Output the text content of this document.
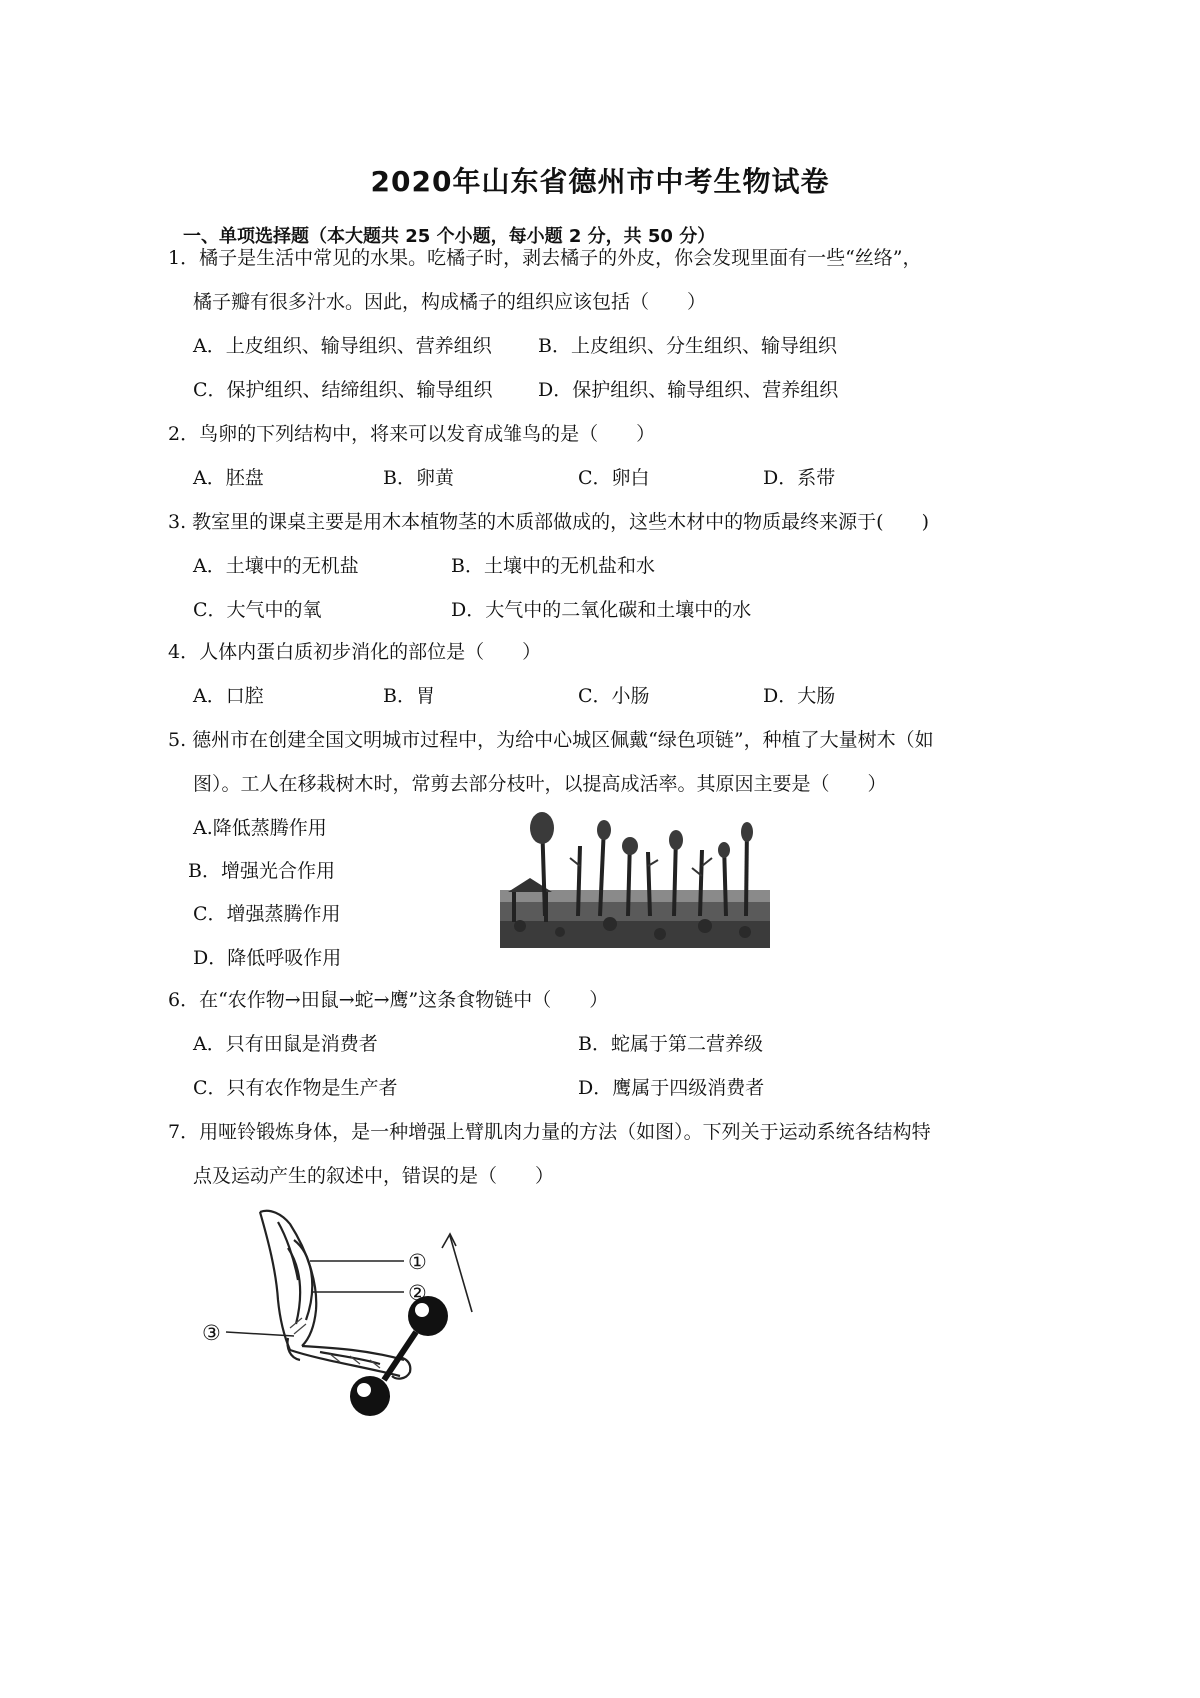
2020年山东省德州市中考生物试卷
一、单项选择题（本大题共 25 个小题，每小题 2 分，共 50 分）
1．橘子是生活中常见的水果。吃橘子时，剥去橘子的外皮，你会发现里面有一些“丝络”，
橘子瓣有很多汁水。因此，构成橘子的组织应该包括（　　）
A．上皮组织、输导组织、营养组织 B．上皮组织、分生组织、输导组织
C．保护组织、结缔组织、输导组织 D．保护组织、输导组织、营养组织
2．鸟卵的下列结构中，将来可以发育成雏鸟的是（　　）
A．胚盘	B．卵黄	C．卵白	D．系带
3. 教室里的课桌主要是用木本植物茎的木质部做成的，这些木材中的物质最终来源于(　　)
A．土壤中的无机盐	B．土壤中的无机盐和水
C．大气中的氧	D．大气中的二氧化碳和土壤中的水
4．人体内蛋白质初步消化的部位是（　　）
A．口腔	B．胃	C．小肠	D．大肠
5. 德州市在创建全国文明城市过程中，为给中心城区佩戴“绿色项链”，种植了大量树木（如
图）。工人在移栽树木时，常剪去部分枝叶，以提高成活率。其原因主要是（　　）
A.降低蒸腾作用
B．增强光合作用
C．增强蒸腾作用
D．降低呼吸作用
6．在“农作物→田鼠→蛇→鹰”这条食物链中（　　）
A．只有田鼠是消费者	B．蛇属于第二营养级
C．只有农作物是生产者	D．鹰属于四级消费者
7．用哑铃锻炼身体，是一种增强上臂肌肉力量的方法（如图）。下列关于运动系统各结构特
点及运动产生的叙述中，错误的是（　　）
①
②
③
